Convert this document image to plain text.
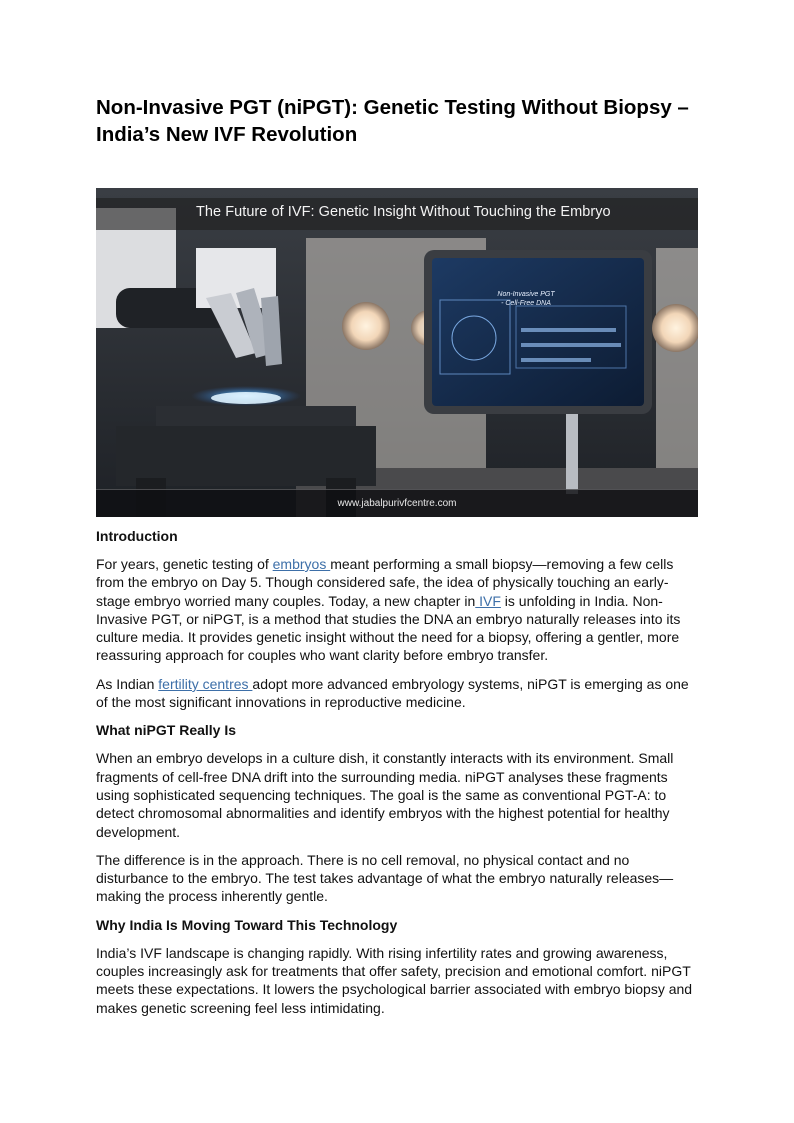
Non-Invasive PGT (niPGT): Genetic Testing Without Biopsy – India’s New IVF Revolution
Non-Invasive PGT
- Cell-Free DNA
The Future of IVF: Genetic Insight Without Touching the Embryo
www.jabalpurivfcentre.com
Introduction

For years, genetic testing of embryos meant performing a small biopsy—removing a few cells from the embryo on Day 5. Though considered safe, the idea of physically touching an early-stage embryo worried many couples. Today, a new chapter in IVF is unfolding in India. Non-Invasive PGT, or niPGT, is a method that studies the DNA an embryo naturally releases into its culture media. It provides genetic insight without the need for a biopsy, offering a gentler, more reassuring approach for couples who want clarity before embryo transfer.

As Indian fertility centres adopt more advanced embryology systems, niPGT is emerging as one of the most significant innovations in reproductive medicine.

What niPGT Really Is

When an embryo develops in a culture dish, it constantly interacts with its environment. Small fragments of cell-free DNA drift into the surrounding media. niPGT analyses these fragments using sophisticated sequencing techniques. The goal is the same as conventional PGT-A: to detect chromosomal abnormalities and identify embryos with the highest potential for healthy development.

The difference is in the approach. There is no cell removal, no physical contact and no disturbance to the embryo. The test takes advantage of what the embryo naturally releases—making the process inherently gentle.

Why India Is Moving Toward This Technology

India’s IVF landscape is changing rapidly. With rising infertility rates and growing awareness, couples increasingly ask for treatments that offer safety, precision and emotional comfort. niPGT meets these expectations. It lowers the psychological barrier associated with embryo biopsy and makes genetic screening feel less intimidating.
